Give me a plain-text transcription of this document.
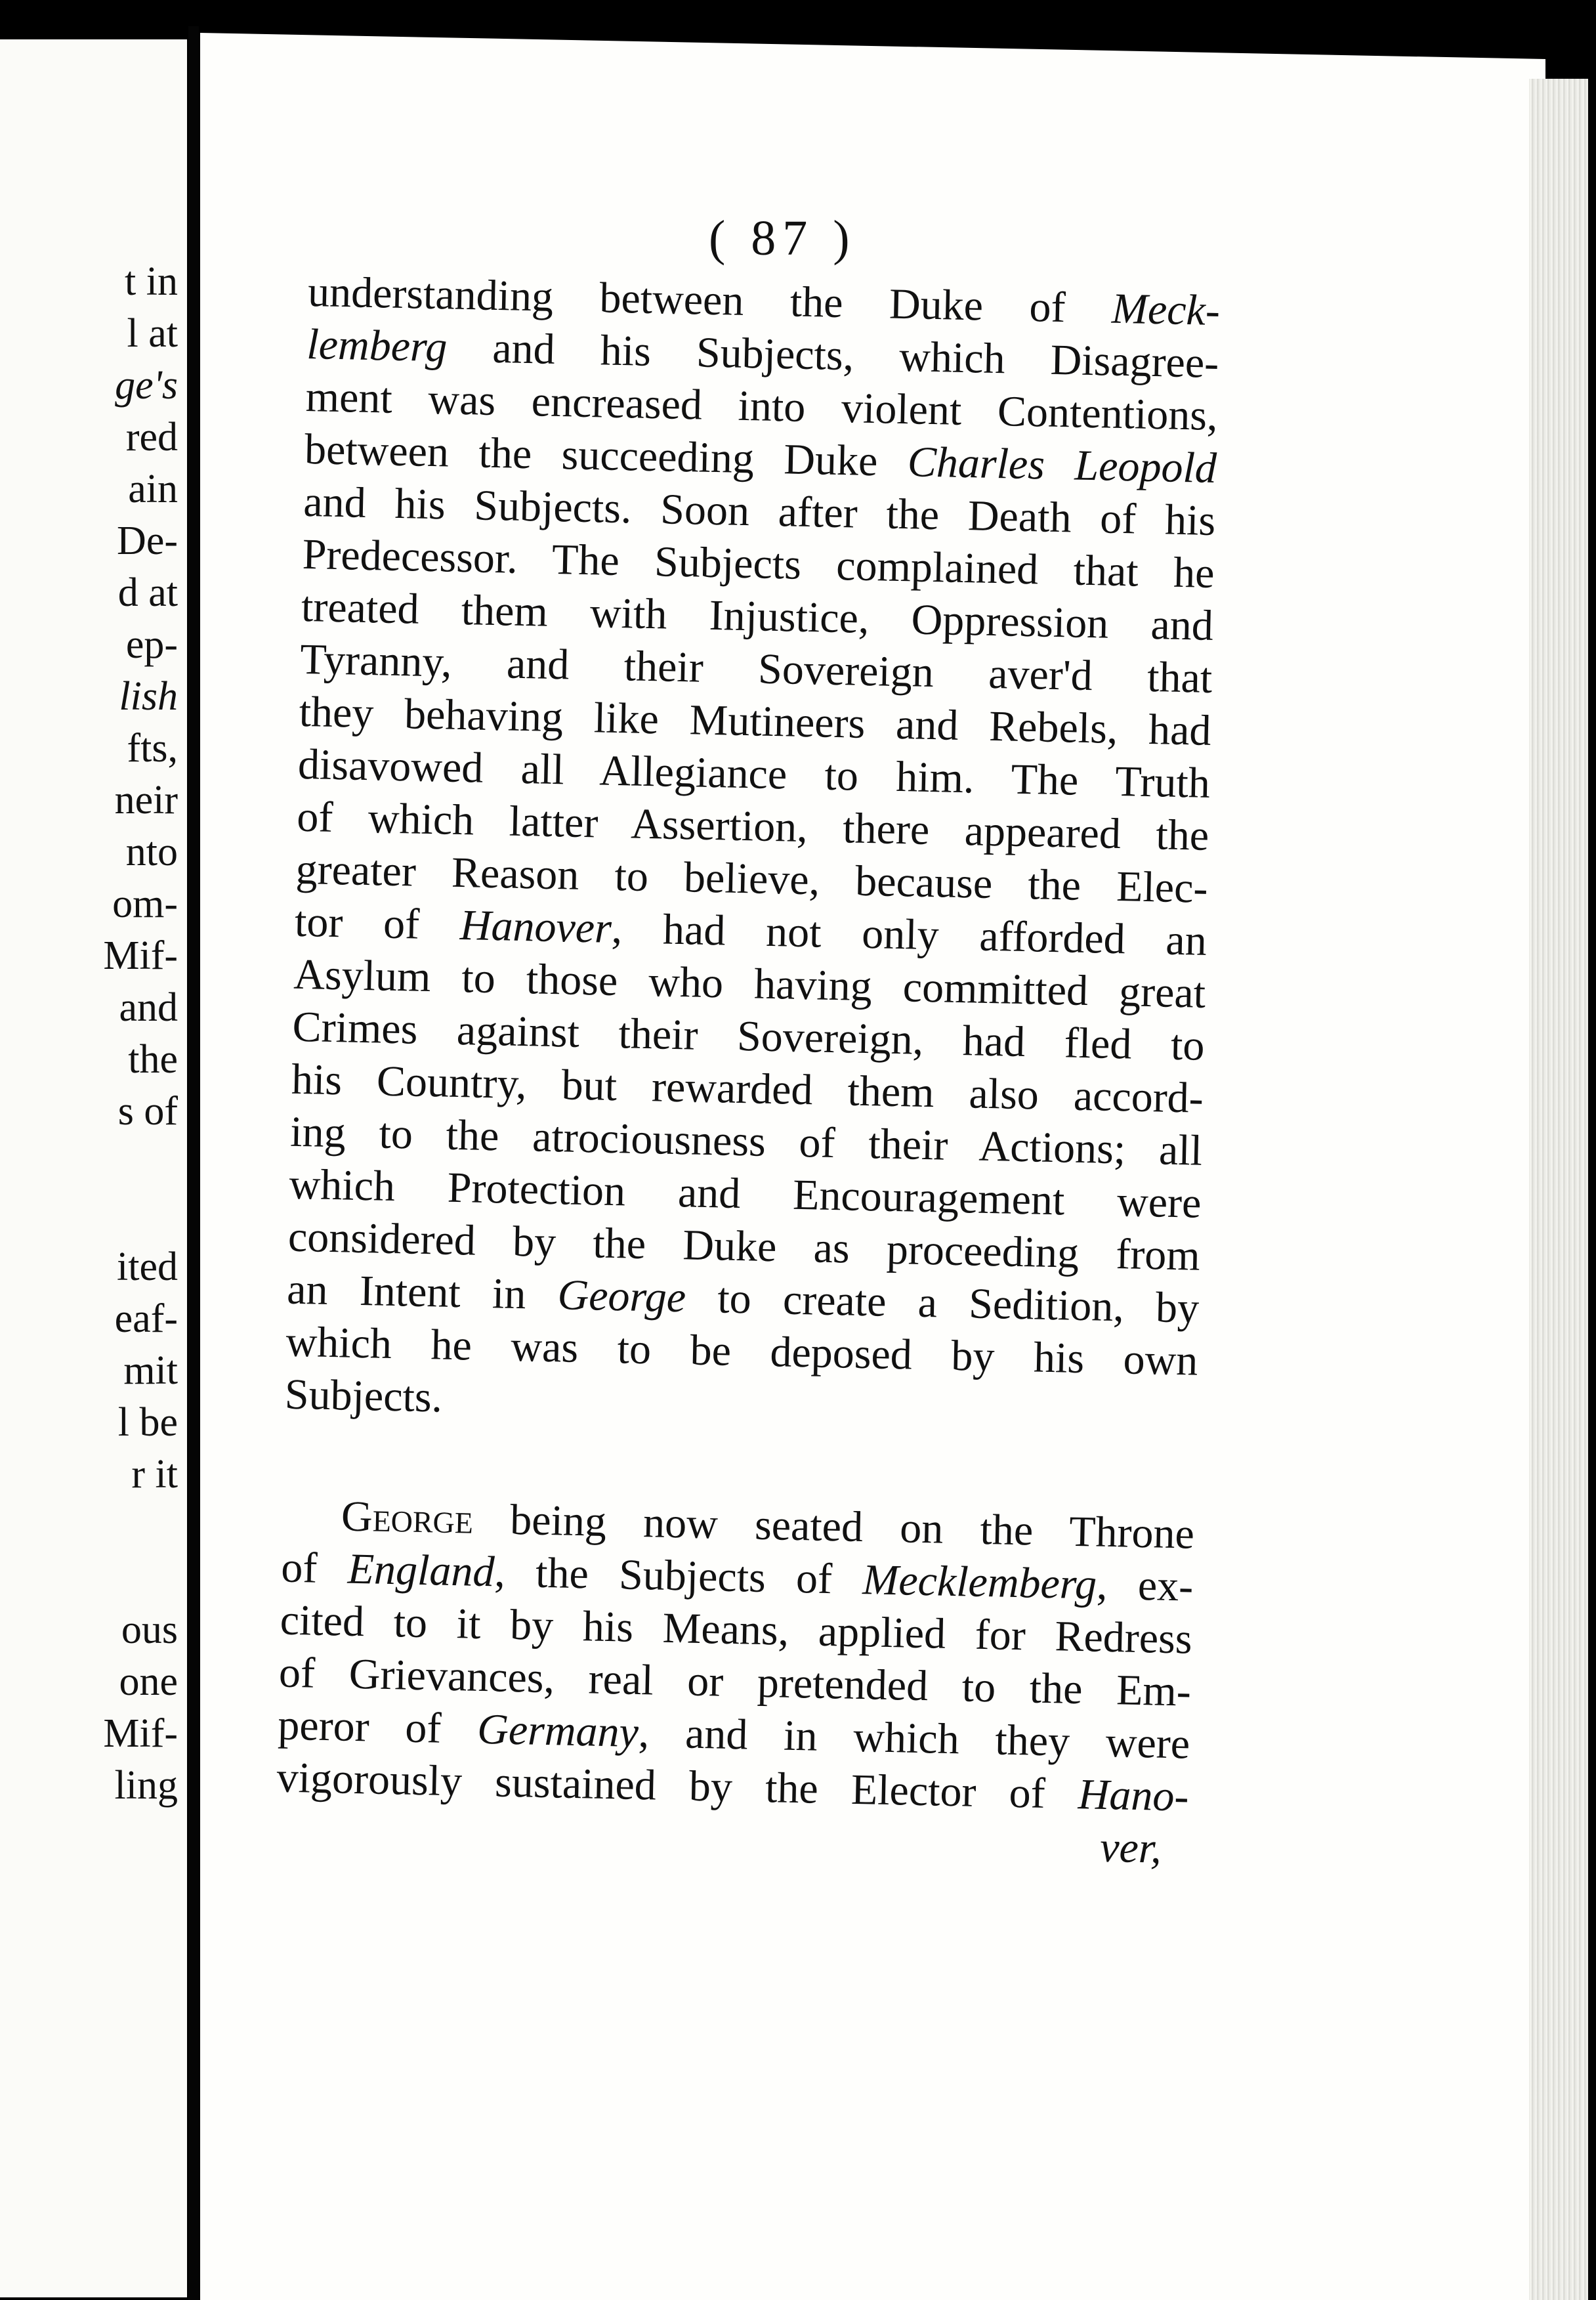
t in
l at
ge's
red
ain
De-
d at
ep-
lish
fts,
neir
nto
om-
Mif-
and
the
s of
ited
eaf-
mit
l be
r it
ous
one
Mif-
ling
( 87 )
understanding between the Duke of Meck-
lemberg and his Subjects, which Disagree-
ment was encreased into violent Contentions,
between the succeeding Duke Charles Leopold
and his Subjects. Soon after the Death of his
Predecessor. The Subjects complained that he
treated them with Injustice, Oppression and
Tyranny, and their Sovereign aver'd that
they behaving like Mutineers and Rebels, had
disavowed all Allegiance to him. The Truth
of which latter Assertion, there appeared the
greater Reason to believe, because the Elec-
tor of Hanover, had not only afforded an
Asylum to those who having committed great
Crimes against their Sovereign, had fled to
his Country, but rewarded them also accord-
ing to the atrociousness of their Actions; all
which Protection and Encouragement were
considered by the Duke as proceeding from
an Intent in George to create a Sedition, by
which he was to be deposed by his own
Subjects.
George being now seated on the Throne
of England, the Subjects of Mecklemberg, ex-
cited to it by his Means, applied for Redress
of Grievances, real or pretended to the Em-
peror of Germany, and in which they were
vigorously sustained by the Elector of Hano-
ver,
